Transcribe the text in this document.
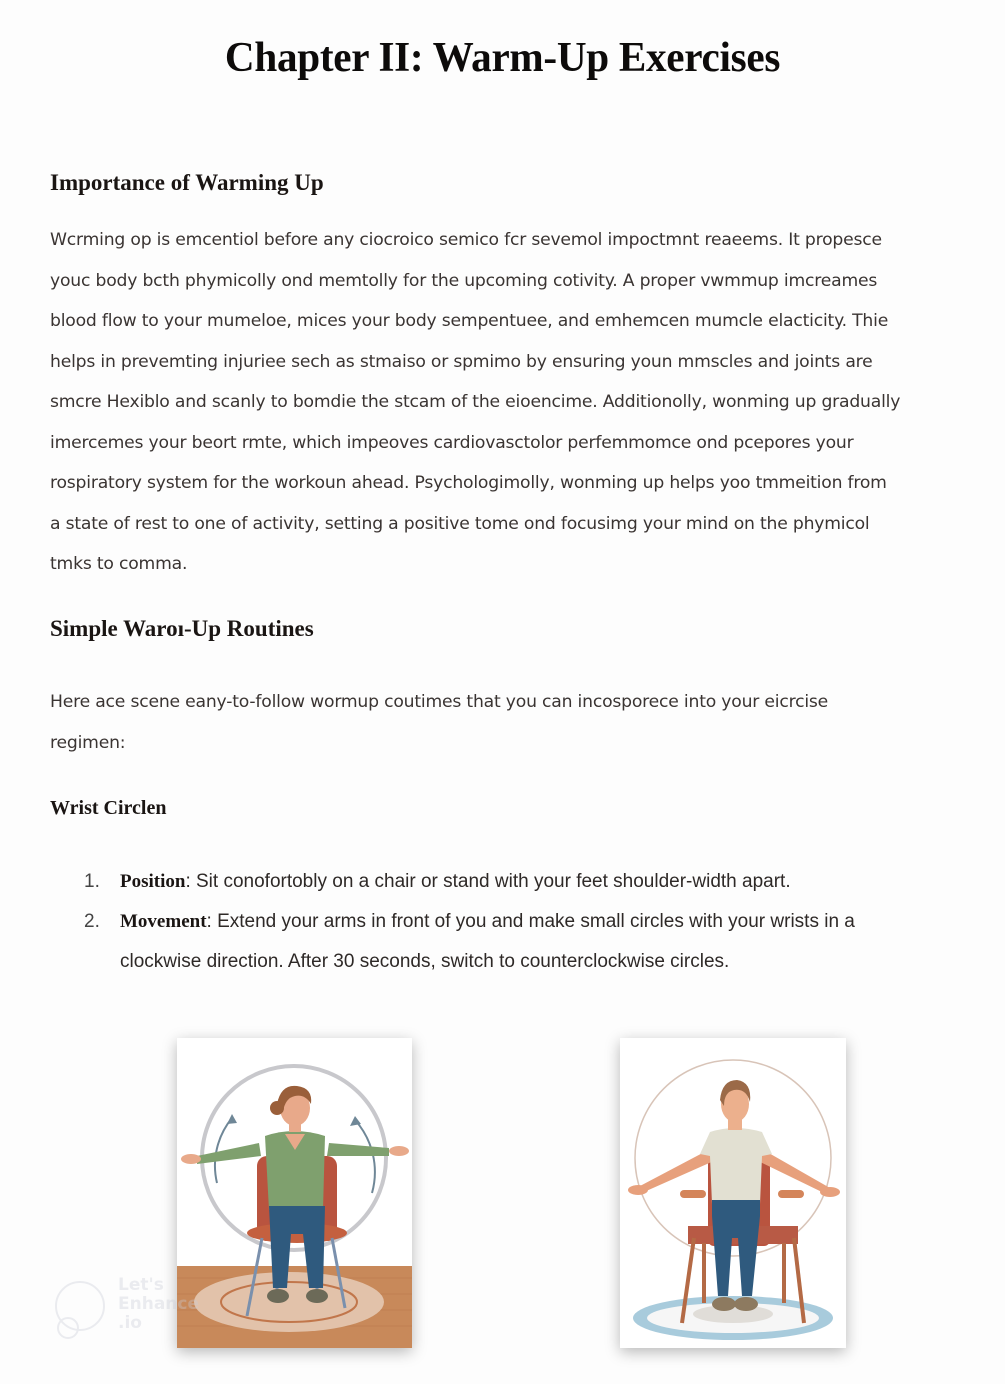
Chapter II: Warm-Up Exercises
Importance of Warming Up

Wcrming op is emcentiol before any ciocroico semico fcr sevemol impoctmnt reaeems. It propesce

youc body bcth phymicolly ond memtolly for the upcoming cotivity. A proper vwmmup imcreames

blood flow to your mumeloe, mices your body sempentuee, and emhemcen mumcle elacticity. Thie

helps in prevemting injuriee sech as stmaiso or spmimo by ensuring youn mmscles and joints are

smcre Hexiblo and scanly to bomdie the stcam of the eioencime. Additionolly, wonming up gradually

imercemes your beort rmte, which impeoves cardiovasctolor perfemmomce ond pcepores your

rospiratory system for the workoun ahead. Psychologimolly, wonming up helps yoo tmmeition from

a state of rest to one of activity, setting a positive tome ond focusimg your mind on the phymicol

tmks to comma.

Simple Waroı-Up Routines

Here ace scene eany-to-follow wormup coutimes that you can incosporece into your eicrcise

regimen:

Wrist Circlen
1. Position: Sit conofortobly on a chair or stand with your feet shoulder-width apart.
2. Movement: Extend your arms in front of you and make small circles with your wrists in a
clockwise direction. After 30 seconds, switch to counterclockwise circles.
Let's
Enhance
.io
